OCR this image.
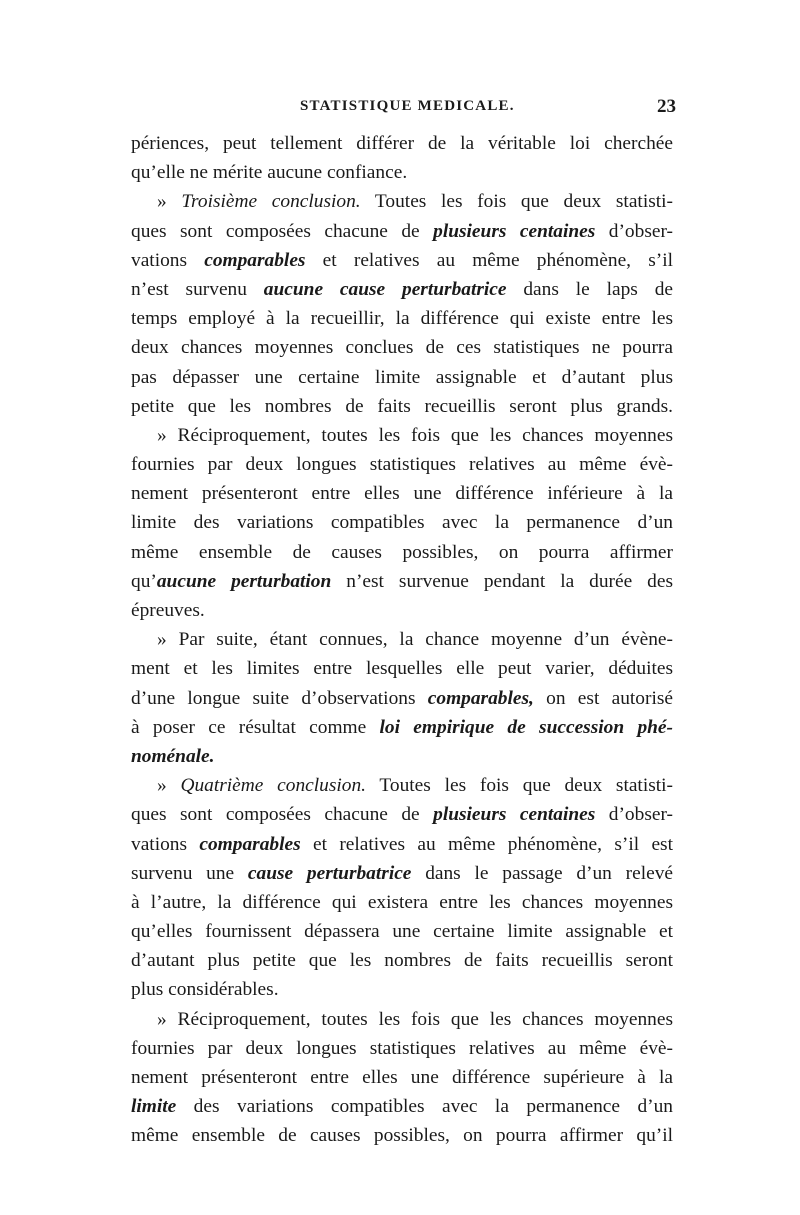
STATISTIQUE MEDICALE.	23
périences, peut tellement différer de la véritable loi cherchée
qu’elle ne mérite aucune confiance.
» Troisième conclusion. Toutes les fois que deux statisti-
ques sont composées chacune de plusieurs centaines d’obser-
vations comparables et relatives au même phénomène, s’il
n’est survenu aucune cause perturbatrice dans le laps de
temps employé à la recueillir, la différence qui existe entre les
deux chances moyennes conclues de ces statistiques ne pourra
pas dépasser une certaine limite assignable et d’autant plus
petite que les nombres de faits recueillis seront plus grands.
» Réciproquement, toutes les fois que les chances moyennes
fournies par deux longues statistiques relatives au même évè-
nement présenteront entre elles une différence inférieure à la
limite des variations compatibles avec la permanence d’un
même ensemble de causes possibles, on pourra affirmer
qu’aucune perturbation n’est survenue pendant la durée des
épreuves.
» Par suite, étant connues, la chance moyenne d’un évène-
ment et les limites entre lesquelles elle peut varier, déduites
d’une longue suite d’observations comparables, on est autorisé
à poser ce résultat comme loi empirique de succession phé-
noménale.
» Quatrième conclusion. Toutes les fois que deux statisti-
ques sont composées chacune de plusieurs centaines d’obser-
vations comparables et relatives au même phénomène, s’il est
survenu une cause perturbatrice dans le passage d’un relevé
à l’autre, la différence qui existera entre les chances moyennes
qu’elles fournissent dépassera une certaine limite assignable et
d’autant plus petite que les nombres de faits recueillis seront
plus considérables.
» Réciproquement, toutes les fois que les chances moyennes
fournies par deux longues statistiques relatives au même évè-
nement présenteront entre elles une différence supérieure à la
limite des variations compatibles avec la permanence d’un
même ensemble de causes possibles, on pourra affirmer qu’il
